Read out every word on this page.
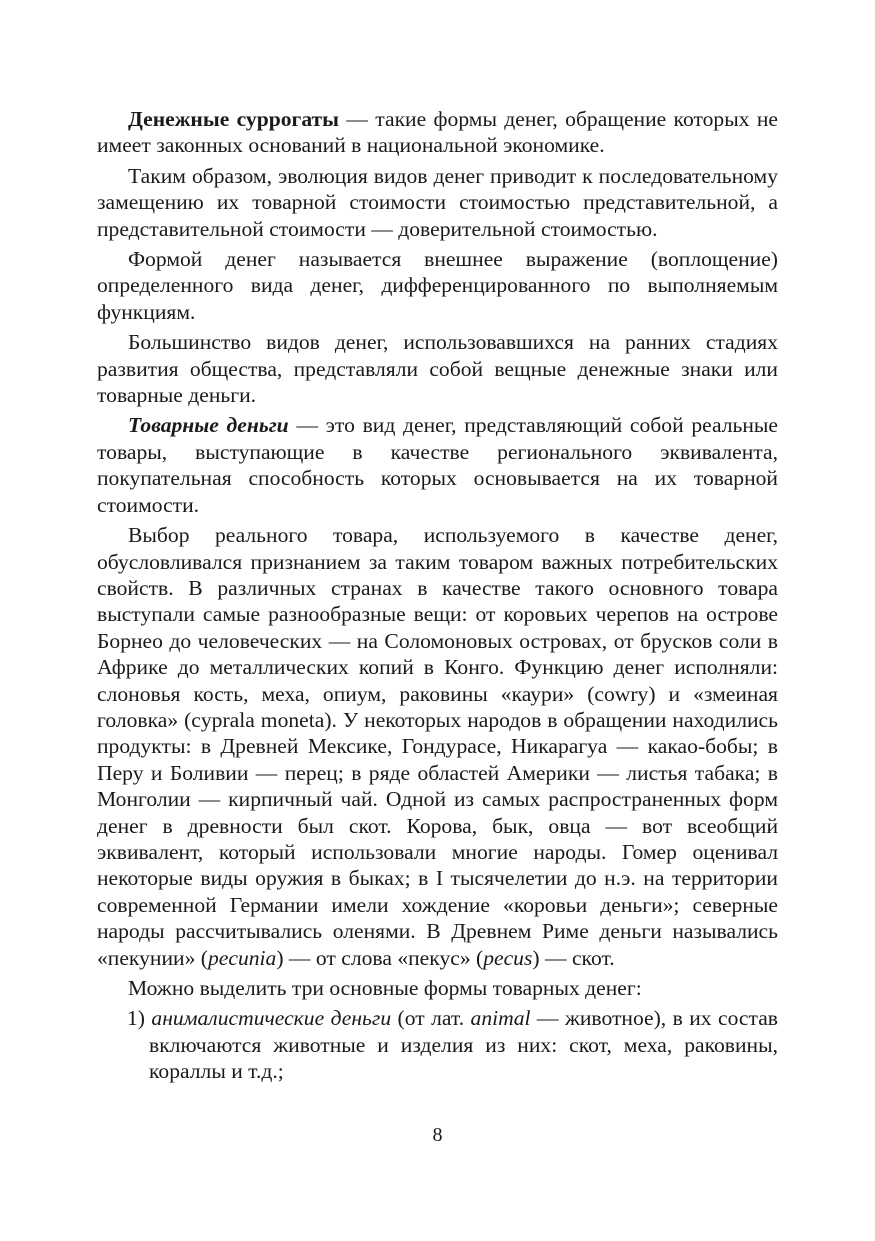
Денежные суррогаты — такие формы денег, обращение которых не имеет законных оснований в национальной экономике.

Таким образом, эволюция видов денег приводит к последовательному замещению их товарной стоимости стоимостью представительной, а представительной стоимости — доверительной стоимостью.

Формой денег называется внешнее выражение (воплощение) определенного вида денег, дифференцированного по выполняемым функциям.

Большинство видов денег, использовавшихся на ранних стадиях развития общества, представляли собой вещные денежные знаки или товарные деньги.

Товарные деньги — это вид денег, представляющий собой реальные товары, выступающие в качестве регионального эквивалента, покупательная способность которых основывается на их товарной стоимости.

Выбор реального товара, используемого в качестве денег, обусловливался признанием за таким товаром важных потребительских свойств. В различных странах в качестве такого основного товара выступали самые разнообразные вещи: от коровьих черепов на острове Борнео до человеческих — на Соломоновых островах, от брусков соли в Африке до металлических копий в Конго. Функцию денег исполняли: слоновья кость, меха, опиум, раковины «каури» (cowry) и «змеиная головка» (cyprala moneta). У некоторых народов в обращении находились продукты: в Древней Мексике, Гондурасе, Никарагуа — какао-бобы; в Перу и Боливии — перец; в ряде областей Америки — листья табака; в Монголии — кирпичный чай. Одной из самых распространенных форм денег в древности был скот. Корова, бык, овца — вот всеобщий эквивалент, который использовали многие народы. Гомер оценивал некоторые виды оружия в быках; в I тысячелетии до н.э. на территории современной Германии имели хождение «коровьи деньги»; северные народы рассчитывались оленями. В Древнем Риме деньги назывались «пекунии» (pecunia) — от слова «пекус» (pecus) — скот.

Можно выделить три основные формы товарных денег:

1) анималистические деньги (от лат. animal — животное), в их состав включаются животные и изделия из них: скот, меха, раковины, кораллы и т.д.;
8
